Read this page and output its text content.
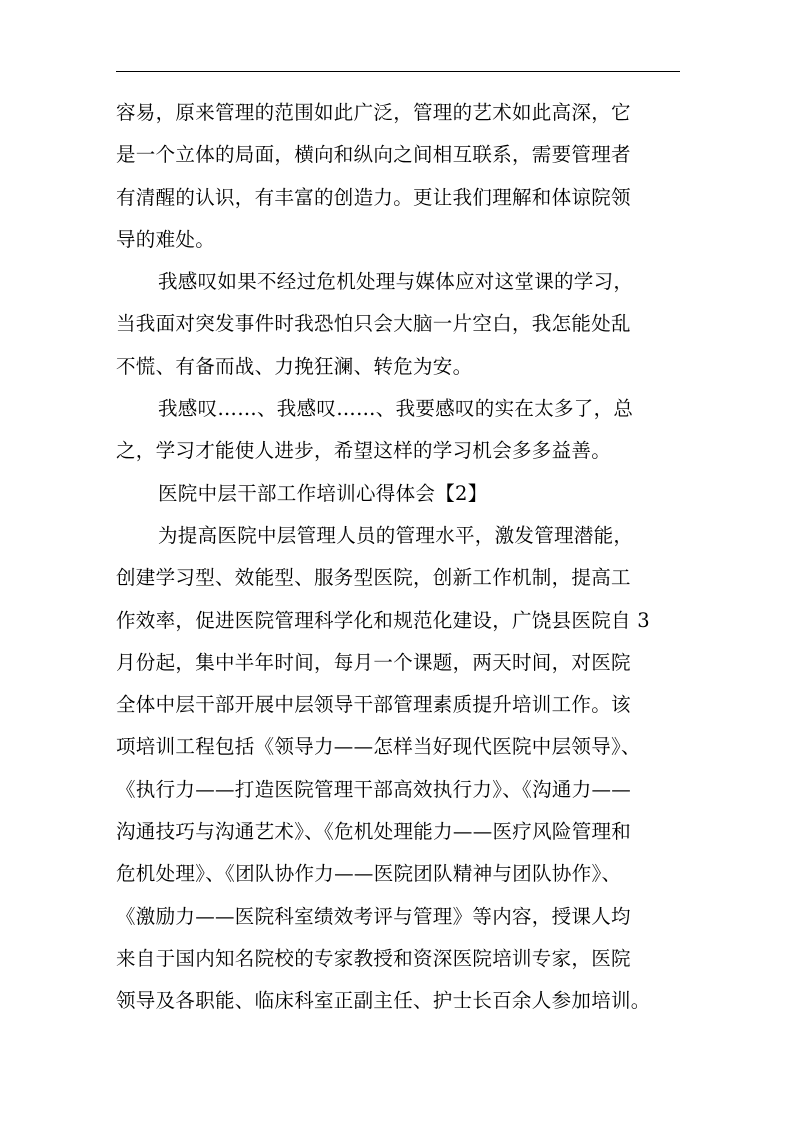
容易，原来管理的范围如此广泛，管理的艺术如此高深，它
是一个立体的局面，横向和纵向之间相互联系，需要管理者
有清醒的认识，有丰富的创造力。更让我们理解和体谅院领
导的难处。
我感叹如果不经过危机处理与媒体应对这堂课的学习，
当我面对突发事件时我恐怕只会大脑一片空白，我怎能处乱
不慌、有备而战、力挽狂澜、转危为安。
我感叹……、我感叹……、我要感叹的实在太多了，总
之，学习才能使人进步，希望这样的学习机会多多益善。
医院中层干部工作培训心得体会【2】
为提高医院中层管理人员的管理水平，激发管理潜能，
创建学习型、效能型、服务型医院，创新工作机制，提高工
作效率，促进医院管理科学化和规范化建设，广饶县医院自 3
月份起，集中半年时间，每月一个课题，两天时间，对医院
全体中层干部开展中层领导干部管理素质提升培训工作。该
项培训工程包括《领导力——怎样当好现代医院中层领导》、
《执行力——打造医院管理干部高效执行力》、《沟通力——
沟通技巧与沟通艺术》、《危机处理能力——医疗风险管理和
危机处理》、《团队协作力——医院团队精神与团队协作》、
《激励力——医院科室绩效考评与管理》等内容，授课人均
来自于国内知名院校的专家教授和资深医院培训专家，医院
领导及各职能、临床科室正副主任、护士长百余人参加培训。
